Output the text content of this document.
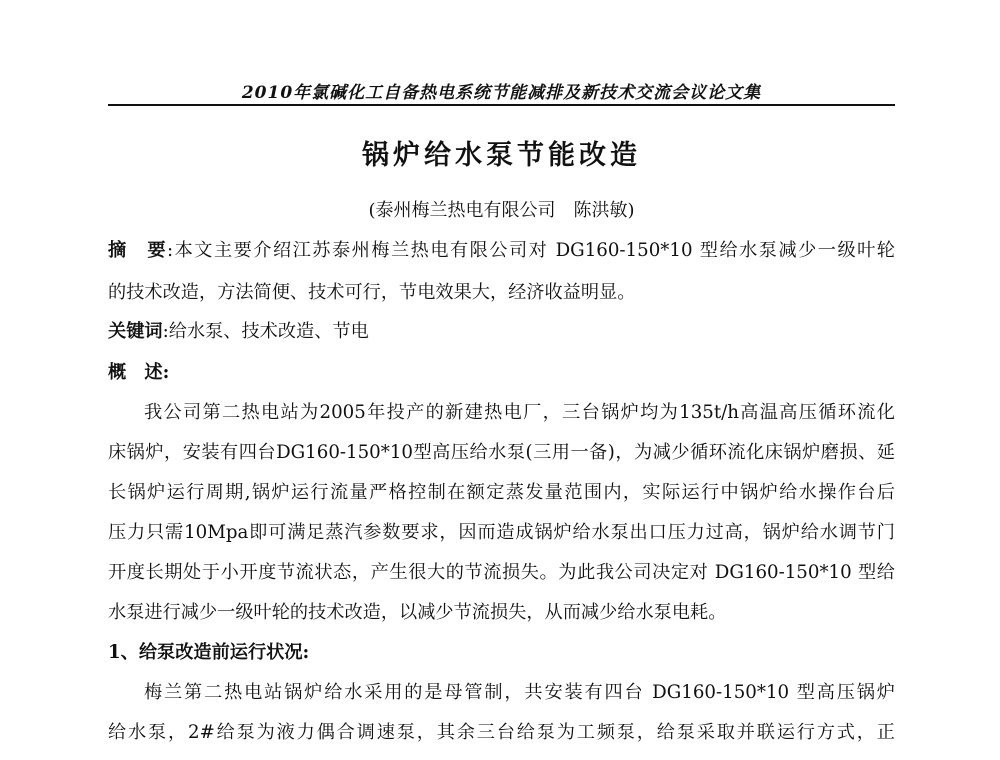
2010年氯碱化工自备热电系统节能减排及新技术交流会议论文集
锅炉给水泵节能改造
(泰州梅兰热电有限公司 陈洪敏)
摘　要:本文主要介绍江苏泰州梅兰热电有限公司对 DG160-150*10 型给水泵减少一级叶轮
的技术改造，方法简便、技术可行，节电效果大，经济收益明显。
关键词:给水泵、技术改造、节电
概　述:
我公司第二热电站为2005年投产的新建热电厂，三台锅炉均为135t/h高温高压循环流化
床锅炉，安装有四台DG160-150*10型高压给水泵(三用一备)，为减少循环流化床锅炉磨损、延
长锅炉运行周期,锅炉运行流量严格控制在额定蒸发量范围内，实际运行中锅炉给水操作台后
压力只需10Mpa即可满足蒸汽参数要求，因而造成锅炉给水泵出口压力过高，锅炉给水调节门
开度长期处于小开度节流状态，产生很大的节流损失。为此我公司决定对 DG160-150*10 型给
水泵进行减少一级叶轮的技术改造，以减少节流损失，从而减少给水泵电耗。
1、给泵改造前运行状况:
梅兰第二热电站锅炉给水采用的是母管制，共安装有四台 DG160-150*10 型高压锅炉
给水泵，2#给泵为液力偶合调速泵，其余三台给泵为工频泵，给泵采取并联运行方式，正
